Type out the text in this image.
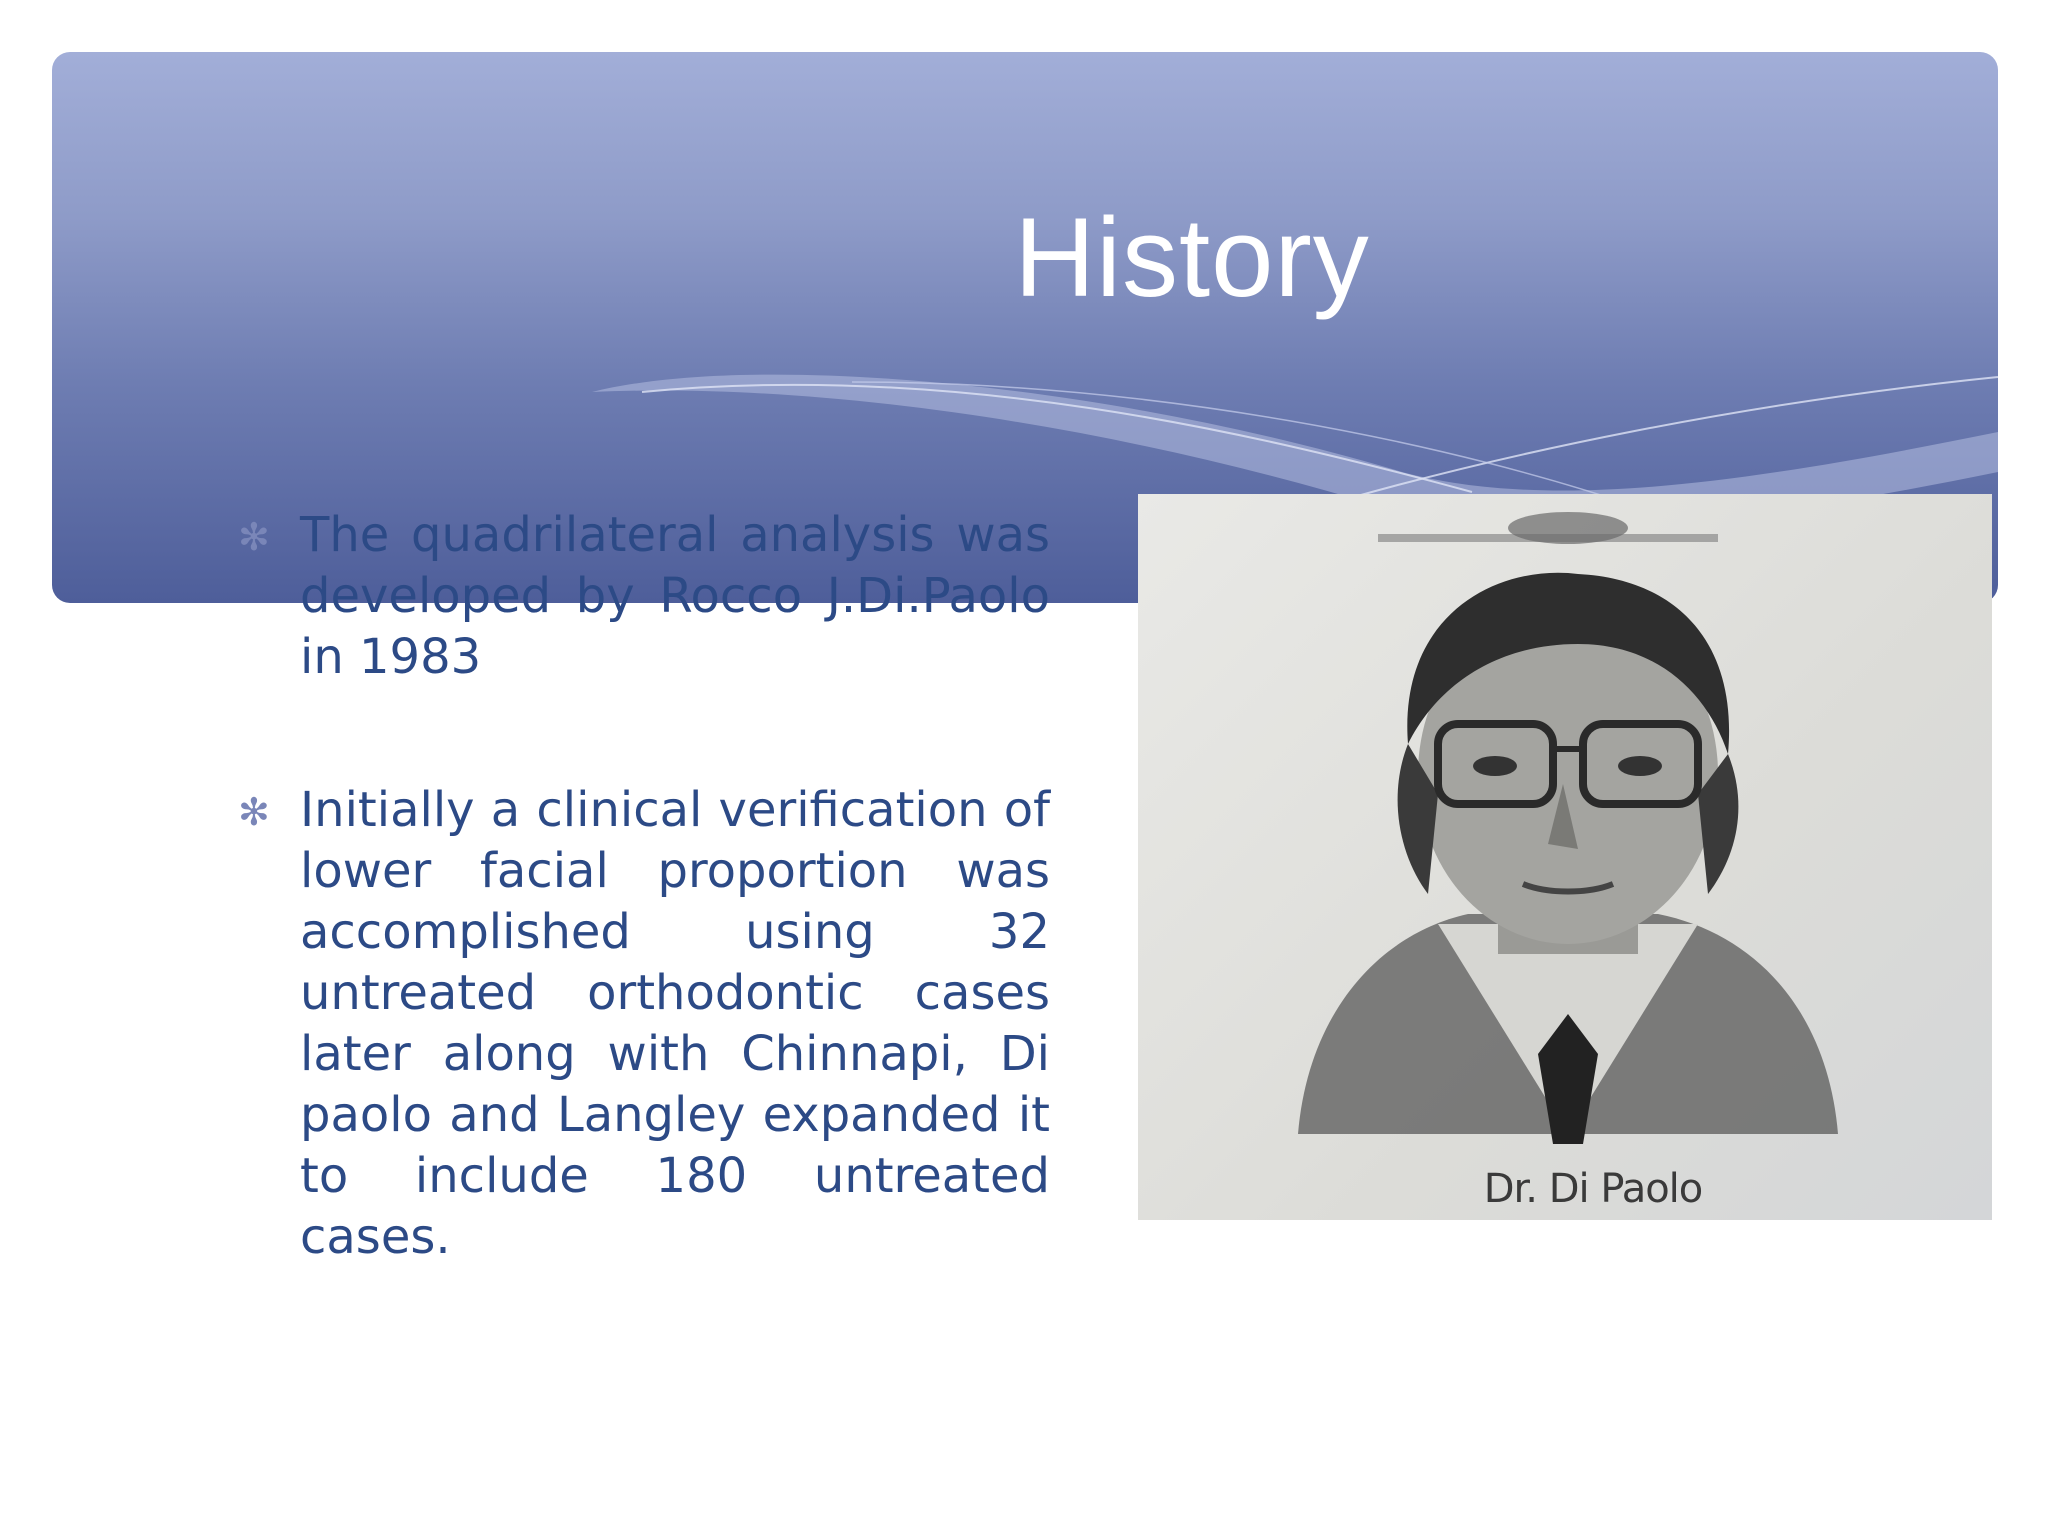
History
✻ The quadrilateral analysis was developed by Rocco J.Di.Paolo in 1983
✻ Initially a clinical verification of lower facial proportion was accomplished using 32 untreated orthodontic cases later along with Chinnapi, Di paolo and Langley expanded it to include 180 untreated cases.
Dr. Di Paolo
